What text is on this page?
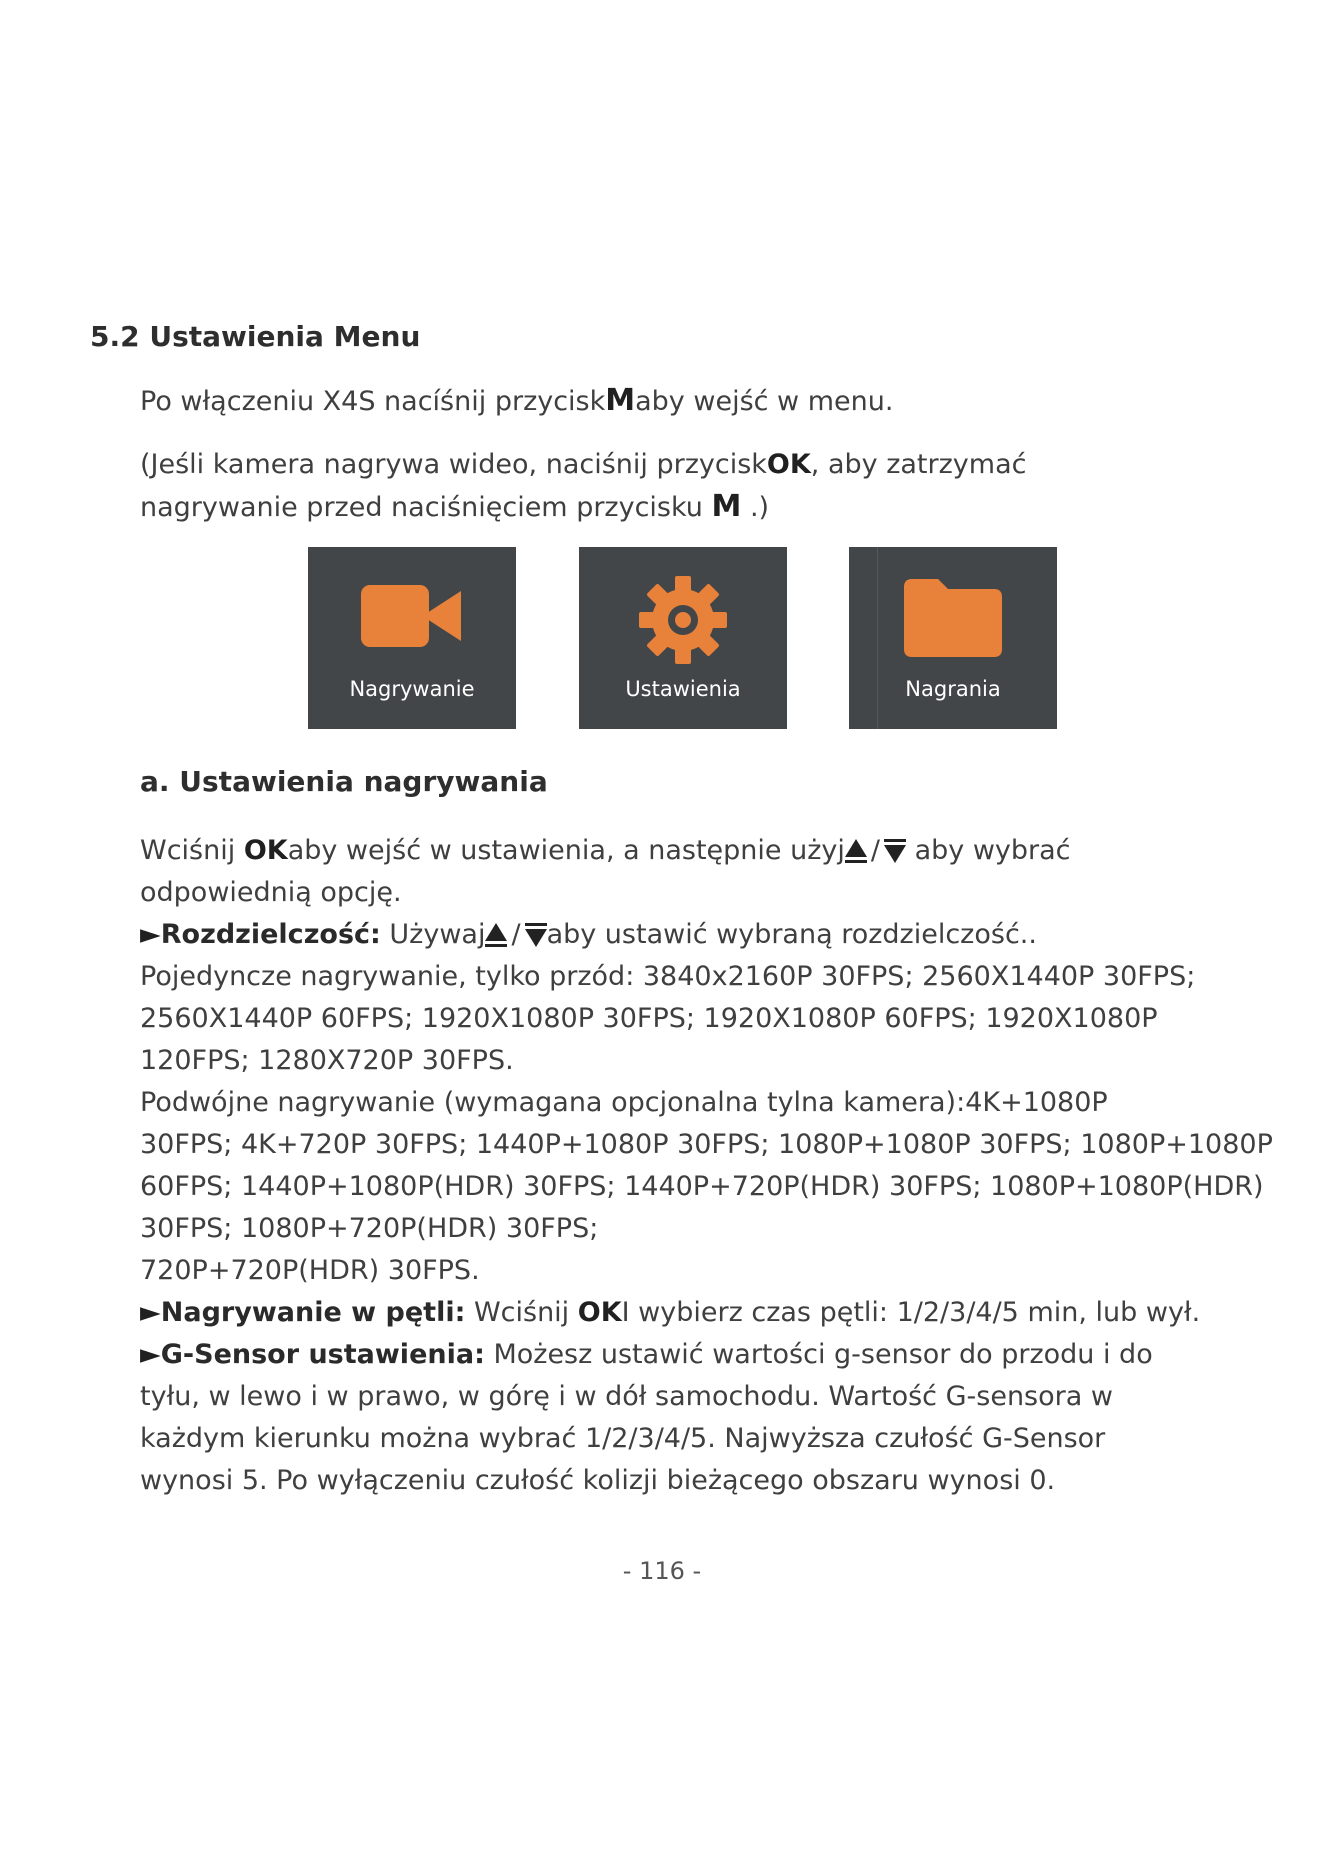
5.2 Ustawienia Menu
Po włączeniu X4S nacíśnij przyciskMaby wejść w menu.
(Jeśli kamera nagrywa wideo, naciśnij przyciskOK, aby zatrzymać
nagrywanie przed naciśnięciem przycisku M .)
Nagrywanie	Ustawienia	Nagrania
a. Ustawienia nagrywania
Wciśnij OKaby wejść w ustawienia, a następnie użyj / aby wybrać
odpowiednią opcję.
►Rozdzielczość: Używaj / aby ustawić wybraną rozdzielczość..
Pojedyncze nagrywanie, tylko przód: 3840x2160P 30FPS; 2560X1440P 30FPS;
2560X1440P 60FPS; 1920X1080P 30FPS; 1920X1080P 60FPS; 1920X1080P
120FPS; 1280X720P 30FPS.
Podwójne nagrywanie (wymagana opcjonalna tylna kamera):4K+1080P
30FPS; 4K+720P 30FPS; 1440P+1080P 30FPS; 1080P+1080P 30FPS; 1080P+1080P
60FPS; 1440P+1080P(HDR) 30FPS; 1440P+720P(HDR) 30FPS; 1080P+1080P(HDR)
30FPS; 1080P+720P(HDR) 30FPS;
720P+720P(HDR) 30FPS.
►Nagrywanie w pętli: Wciśnij OKI wybierz czas pętli: 1/2/3/4/5 min, lub wył.
►G-Sensor ustawienia: Możesz ustawić wartości g-sensor do przodu i do
tyłu, w lewo i w prawo, w górę i w dół samochodu. Wartość G-sensora w
każdym kierunku można wybrać 1/2/3/4/5. Najwyższa czułość G-Sensor
wynosi 5. Po wyłączeniu czułość kolizji bieżącego obszaru wynosi 0.
- 116 -
